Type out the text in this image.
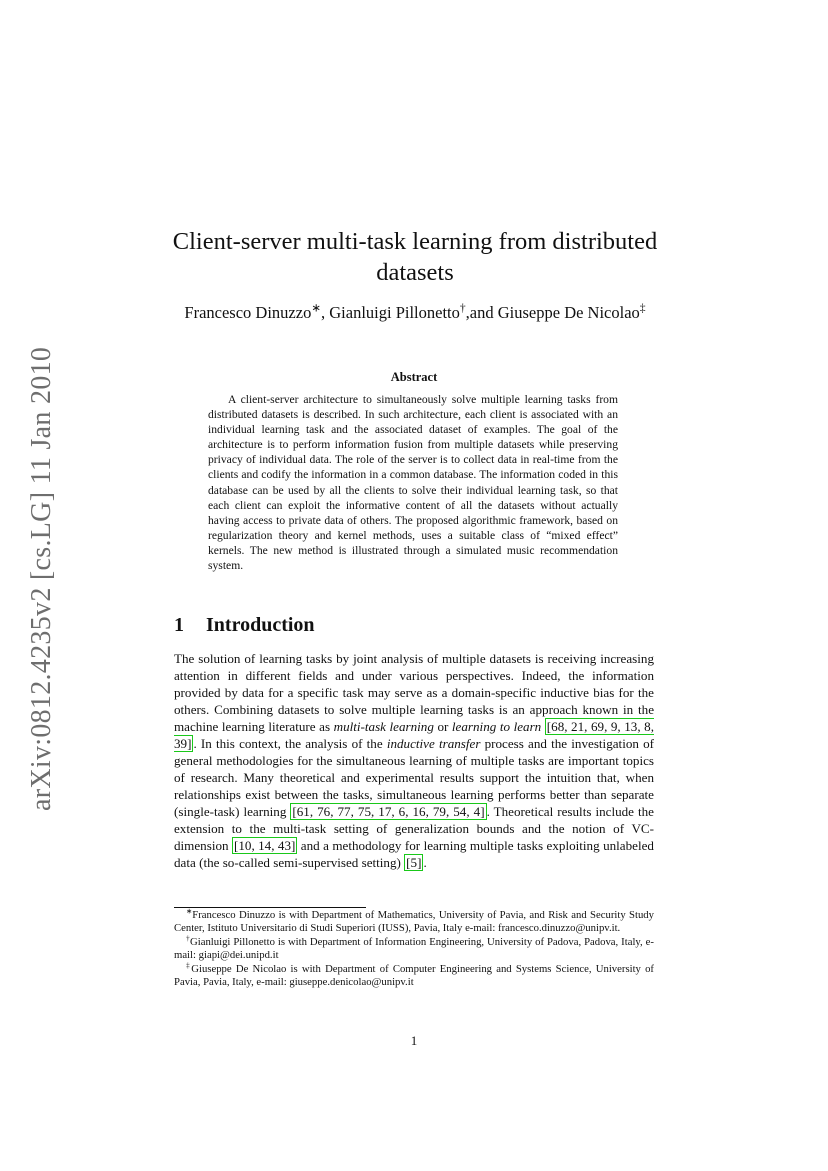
arXiv:0812.4235v2 [cs.LG] 11 Jan 2010
Client-server multi-task learning from distributed
datasets
Francesco Dinuzzo∗, Gianluigi Pillonetto†,and Giuseppe De Nicolao‡
Abstract
A client-server architecture to simultaneously solve multiple learning tasks from distributed datasets is described. In such architecture, each client is associated with an individual learning task and the associated dataset of examples. The goal of the architecture is to perform information fusion from multiple datasets while preserving privacy of individual data. The role of the server is to collect data in real-time from the clients and codify the information in a common database. The information coded in this database can be used by all the clients to solve their individual learning task, so that each client can exploit the informative content of all the datasets without actually having access to private data of others. The proposed algorithmic framework, based on regularization theory and kernel methods, uses a suitable class of “mixed effect” kernels. The new method is illustrated through a simulated music recommendation system.
1 Introduction
The solution of learning tasks by joint analysis of multiple datasets is receiving increasing attention in different fields and under various perspectives. Indeed, the information provided by data for a specific task may serve as a domain-specific inductive bias for the others. Combining datasets to solve multiple learning tasks is an approach known in the machine learning literature as multi-task learning or learning to learn [68, 21, 69, 9, 13, 8, 39] . In this context, the analysis of the inductive transfer process and the investigation of general methodologies for the simultaneous learning of multiple tasks are important topics of research. Many theoretical and experimental results support the intuition that, when relationships exist between the tasks, simultaneous learning performs better than separate (single-task) learning [61, 76, 77, 75, 17, 6, 16, 79, 54, 4] . Theoretical results include the extension to the multi-task setting of generalization bounds and the notion of VC-dimension [10, 14, 43] and a methodology for learning multiple tasks exploiting unlabeled data (the so-called semi-supervised setting) [5] .

∗Francesco Dinuzzo is with Department of Mathematics, University of Pavia, and Risk and Security Study Center, Istituto Universitario di Studi Superiori (IUSS), Pavia, Italy e-mail: francesco.dinuzzo@unipv.it.

†Gianluigi Pillonetto is with Department of Information Engineering, University of Padova, Padova, Italy, e-mail: giapi@dei.unipd.it

‡Giuseppe De Nicolao is with Department of Computer Engineering and Systems Science, University of Pavia, Pavia, Italy, e-mail: giuseppe.denicolao@unipv.it

1
